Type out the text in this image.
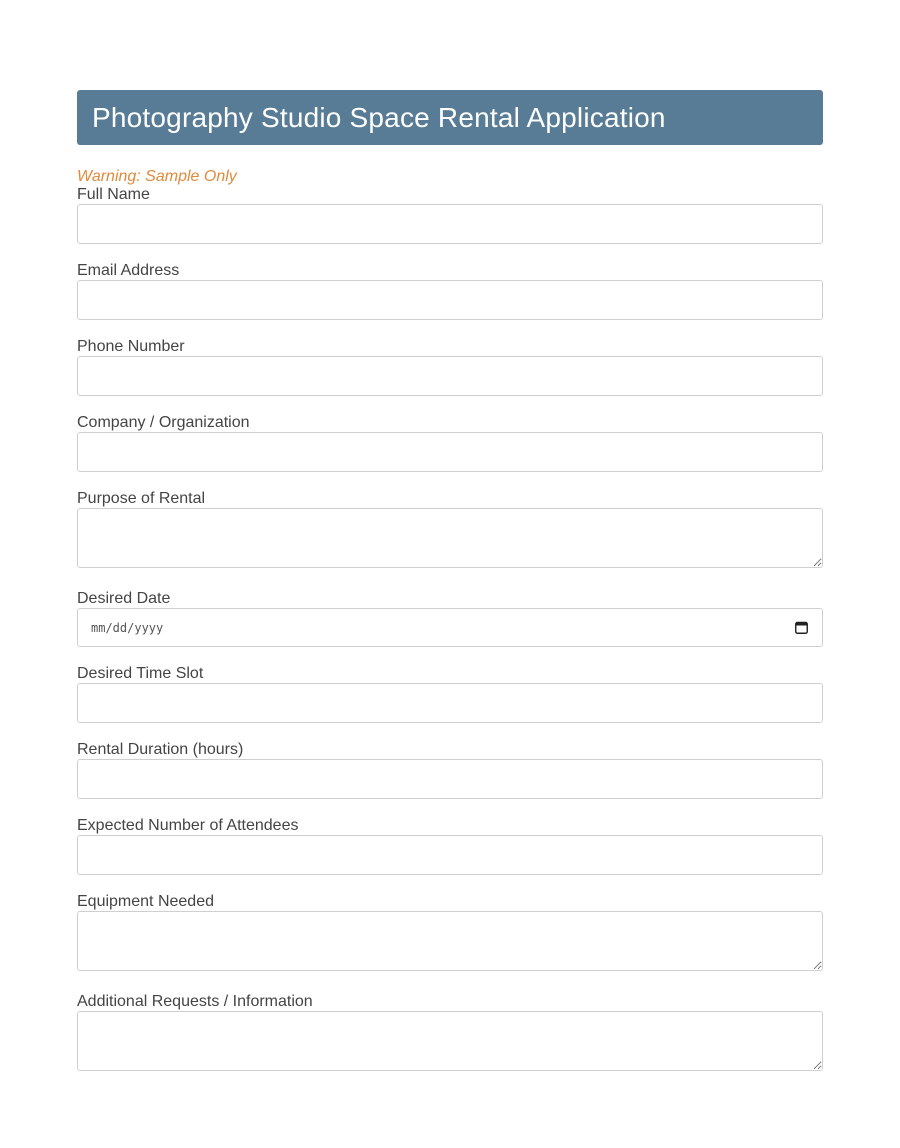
Photography Studio Space Rental Application
Warning: Sample Only
Full Name
Email Address
Phone Number
Company / Organization
Purpose of Rental
Desired Date
mm/dd/yyyy
Desired Time Slot
Rental Duration (hours)
Expected Number of Attendees
Equipment Needed
Additional Requests / Information
